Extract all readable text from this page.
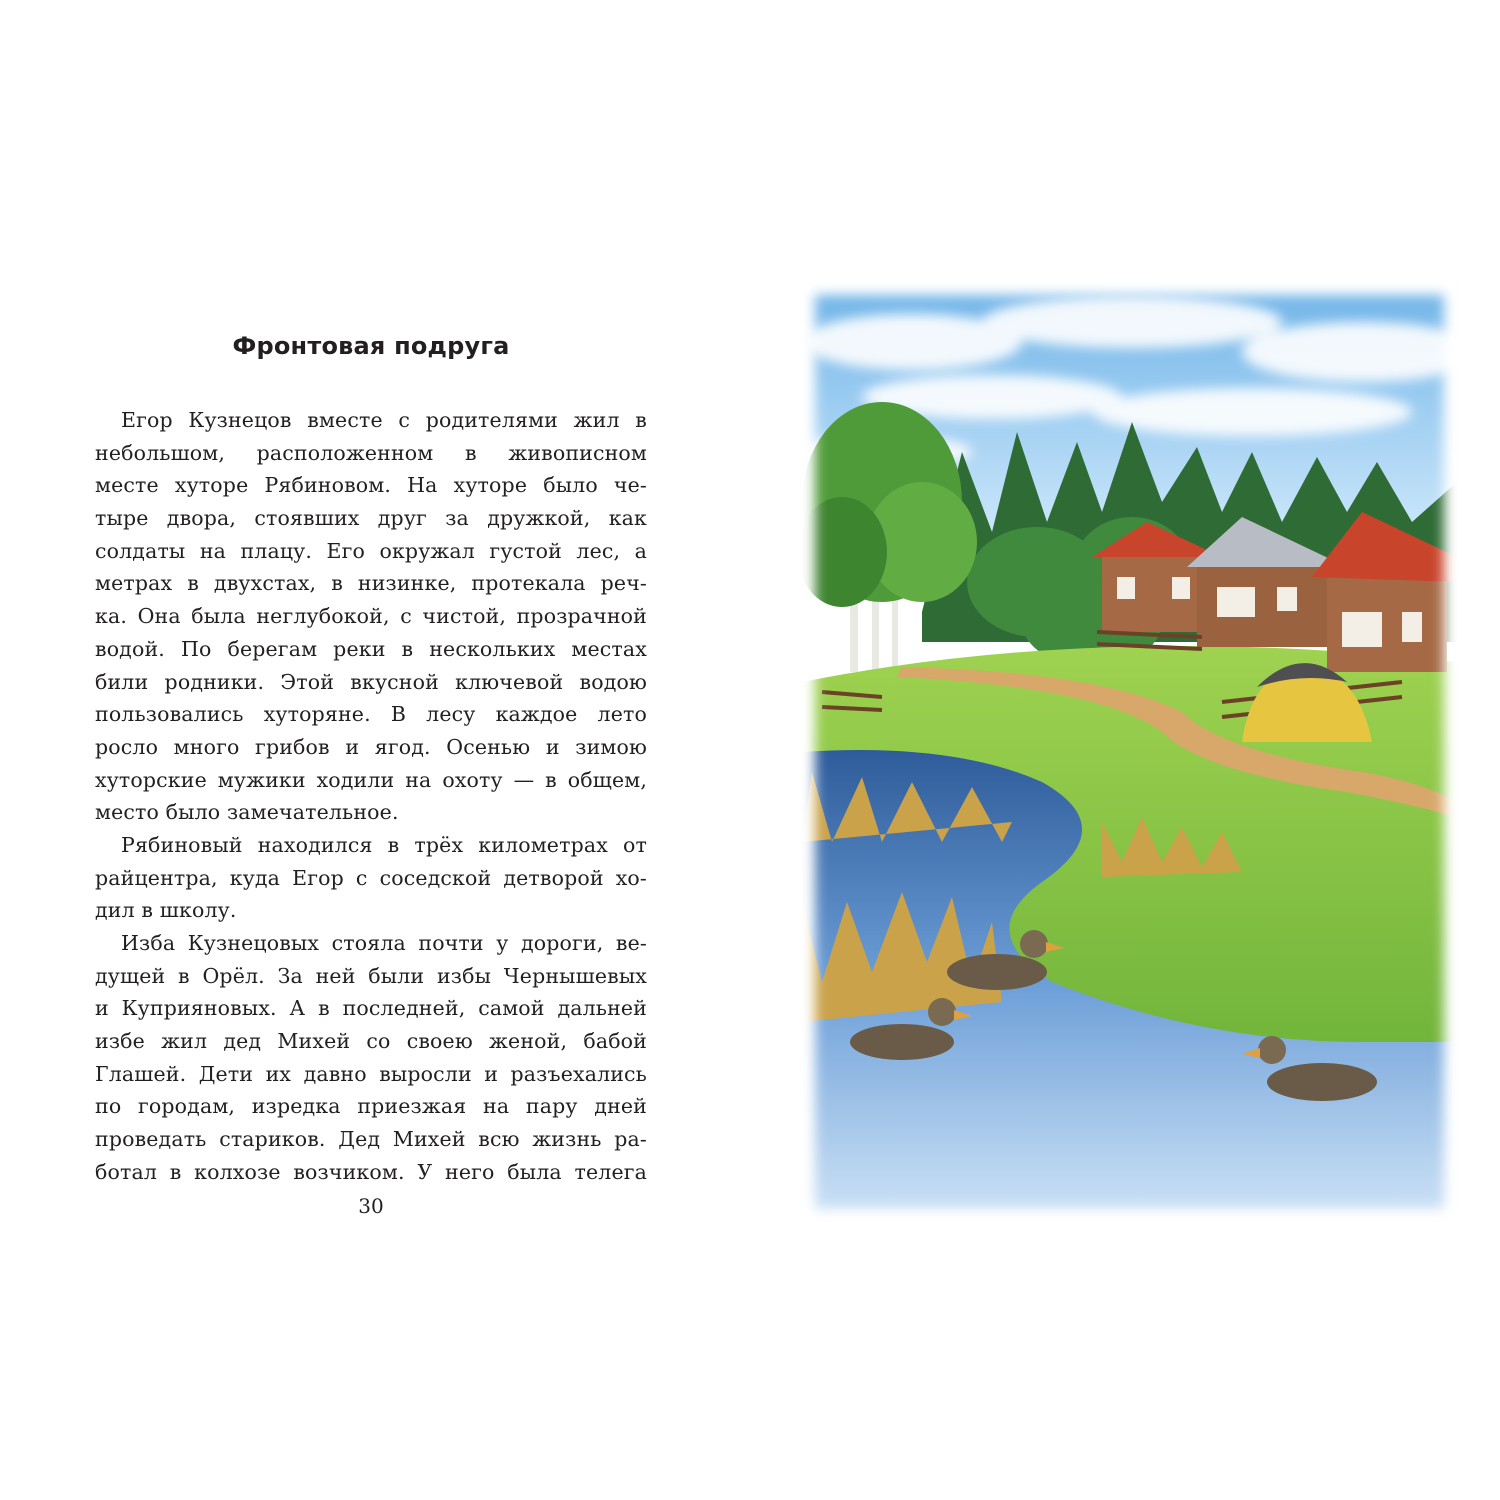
Фронтовая подруга
Егор Кузнецов вместе с родителями жил в
небольшом, расположенном в живописном
месте хуторе Рябиновом. На хуторе было че-
тыре двора, стоявших друг за дружкой, как
солдаты на плацу. Его окружал густой лес, а
метрах в двухстах, в низинке, протекала реч-
ка. Она была неглубокой, с чистой, прозрачной
водой. По берегам реки в нескольких местах
били родники. Этой вкусной ключевой водою
пользовались хуторяне. В лесу каждое лето
росло много грибов и ягод. Осенью и зимою
хуторские мужики ходили на охоту — в общем,
место было замечательное.
Рябиновый находился в трёх километрах от
райцентра, куда Егор с соседской детворой хо-
дил в школу.
Изба Кузнецовых стояла почти у дороги, ве-
дущей в Орёл. За ней были избы Чернышевых
и Куприяновых. А в последней, самой дальней
избе жил дед Михей со своею женой, бабой
Глашей. Дети их давно выросли и разъехались
по городам, изредка приезжая на пару дней
проведать стариков. Дед Михей всю жизнь ра-
ботал в колхозе возчиком. У него была телега
30
